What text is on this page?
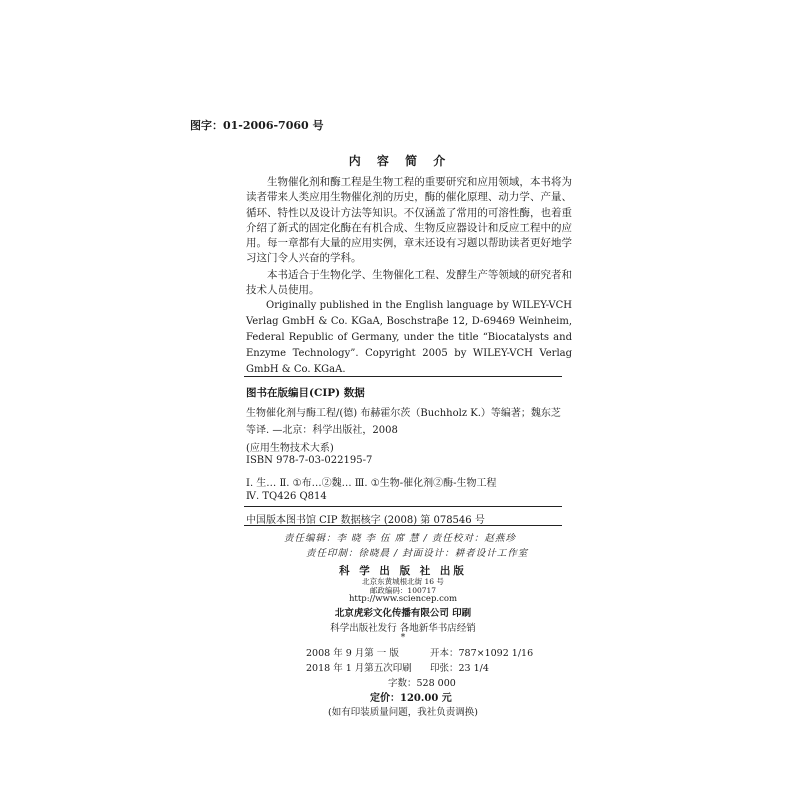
图字：01-2006-7060 号
内 容 简 介

生物催化剂和酶工程是生物工程的重要研究和应用领域，本书将为读者带来人类应用生物催化剂的历史，酶的催化原理、动力学、产量、循环、特性以及设计方法等知识。不仅涵盖了常用的可溶性酶，也着重介绍了新式的固定化酶在有机合成、生物反应器设计和反应工程中的应用。每一章都有大量的应用实例，章末还设有习题以帮助读者更好地学习这门令人兴奋的学科。

本书适合于生物化学、生物催化工程、发酵生产等领域的研究者和技术人员使用。

Originally published in the English language by WILEY-VCH Verlag GmbH & Co. KGaA, Boschstraβe 12, D-69469 Weinheim, Federal Republic of Germany, under the title “Biocatalysts and Enzyme Technology”. Copyright 2005 by WILEY-VCH Verlag GmbH & Co. KGaA.

图书在版编目(CIP) 数据
生物催化剂与酶工程/(德) 布赫霍尔茨（Buchholz K.）等编著；魏东芝
等译. —北京：科学出版社，2008
(应用生物技术大系)
ISBN 978-7-03-022195-7
Ⅰ. 生… Ⅱ. ①布…②魏… Ⅲ. ①生物-催化剂②酶-生物工程
Ⅳ. TQ426 Q814
中国版本图书馆 CIP 数据核字 (2008) 第 078546 号
责任编辑：李 晓 李 伍 席 慧 / 责任校对：赵燕珍
责任印制：徐晓晨 / 封面设计：耕者设计工作室
科 学 出 版 社 出版
北京东黄城根北街 16 号
邮政编码：100717
http://www.sciencep.com
北京虎彩文化传播有限公司 印刷
科学出版社发行 各地新华书店经销
*
2008 年 9 月第 一 版	开本：787×1092 1/16
2018 年 1 月第五次印刷 印张：23 1/4
字数：528 000
定价：120.00 元
(如有印装质量问题，我社负责调换)
